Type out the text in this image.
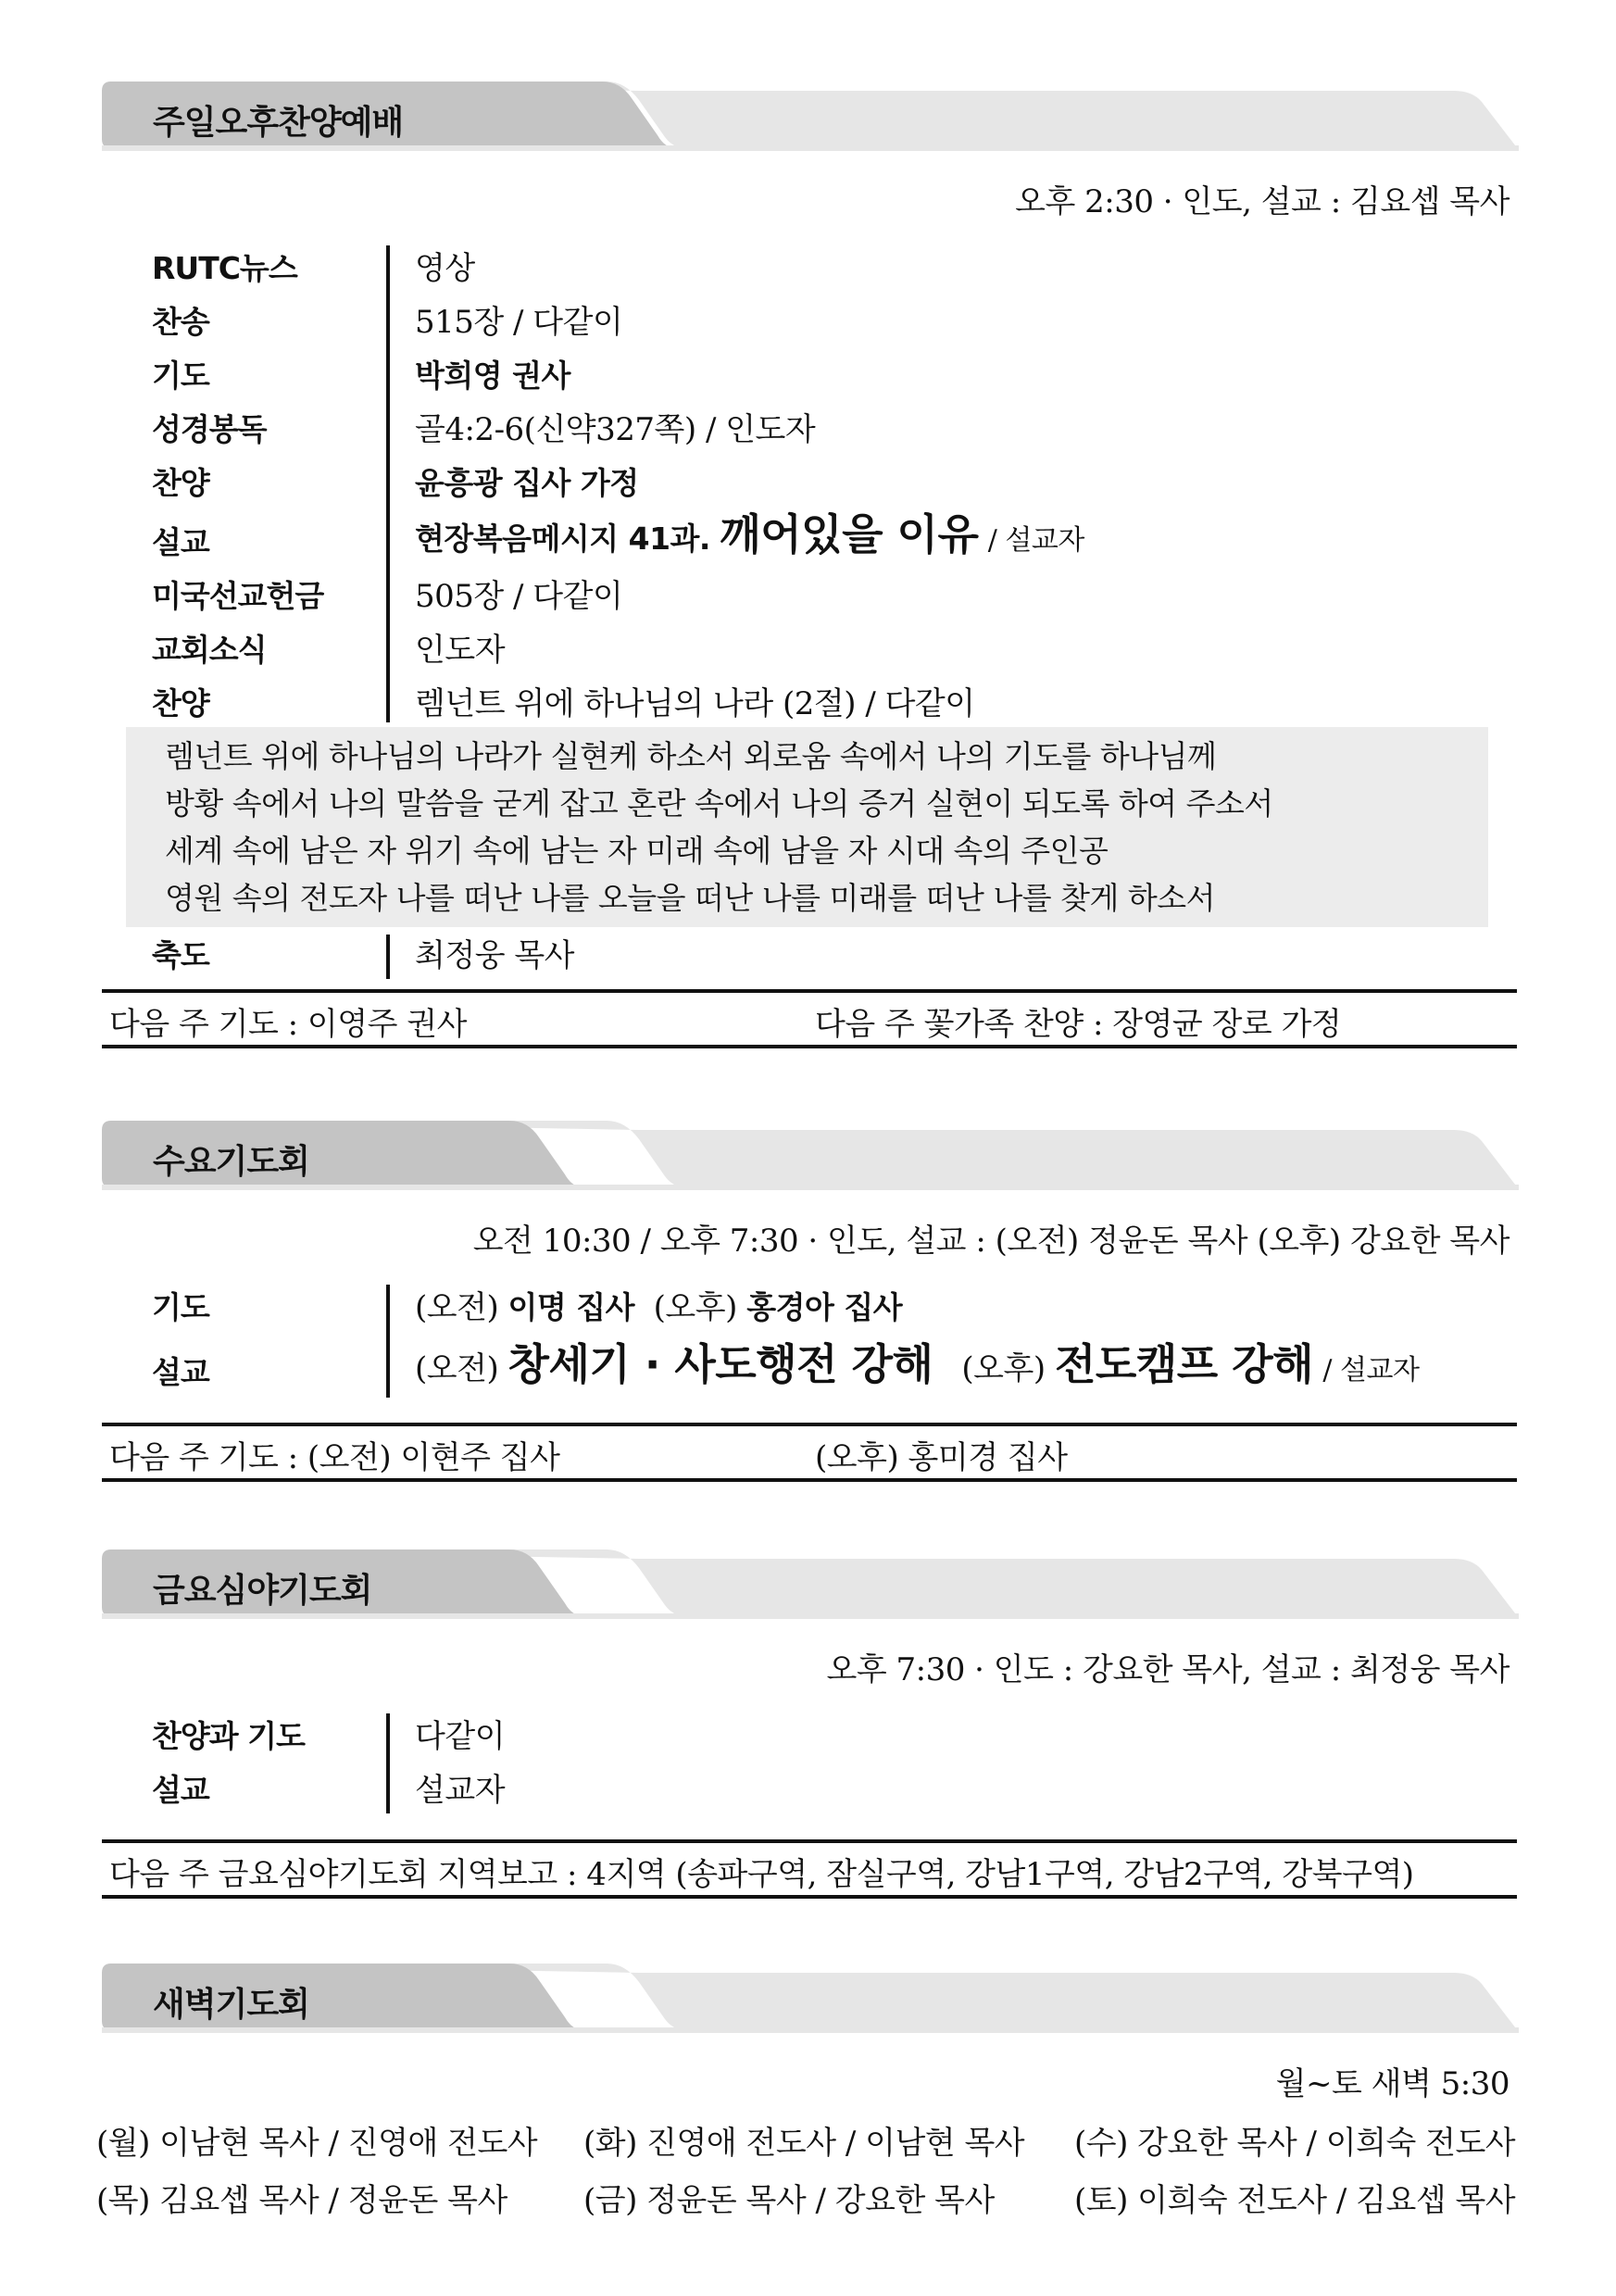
주일오후찬양예배
오후 2:30 · 인도, 설교 : 김요셉 목사
RUTC뉴스	영상
찬송	515장 / 다같이
기도	박희영 권사
성경봉독	골4:2-6(신약327쪽) / 인도자
찬양	윤흥광 집사 가정
설교	현장복음메시지 41과. 깨어있을 이유 / 설교자
미국선교헌금	505장 / 다같이
교회소식	인도자
찬양	렘넌트 위에 하나님의 나라 (2절) / 다같이
렘넌트 위에 하나님의 나라가 실현케 하소서 외로움 속에서 나의 기도를 하나님께
방황 속에서 나의 말씀을 굳게 잡고 혼란 속에서 나의 증거 실현이 되도록 하여 주소서
세계 속에 남은 자 위기 속에 남는 자 미래 속에 남을 자 시대 속의 주인공
영원 속의 전도자 나를 떠난 나를 오늘을 떠난 나를 미래를 떠난 나를 찾게 하소서
축도	최정웅 목사
다음 주 기도 : 이영주 권사	다음 주 꽃가족 찬양 : 장영균 장로 가정
수요기도회
오전 10:30 / 오후 7:30 · 인도, 설교 : (오전) 정윤돈 목사 (오후) 강요한 목사
기도	(오전) 이명 집사 (오후) 홍경아 집사
설교	(오전) 창세기 · 사도행전 강해 (오후) 전도캠프 강해 / 설교자
다음 주 기도 : (오전) 이현주 집사	(오후) 홍미경 집사
금요심야기도회
오후 7:30 · 인도 : 강요한 목사, 설교 : 최정웅 목사
찬양과 기도	다같이
설교	설교자
다음 주 금요심야기도회 지역보고 : 4지역 (송파구역, 잠실구역, 강남1구역, 강남2구역, 강북구역)
새벽기도회
월~토 새벽 5:30
(월) 이남현 목사 / 진영애 전도사	(화) 진영애 전도사 / 이남현 목사	(수) 강요한 목사 / 이희숙 전도사
(목) 김요셉 목사 / 정윤돈 목사	(금) 정윤돈 목사 / 강요한 목사	(토) 이희숙 전도사 / 김요셉 목사
